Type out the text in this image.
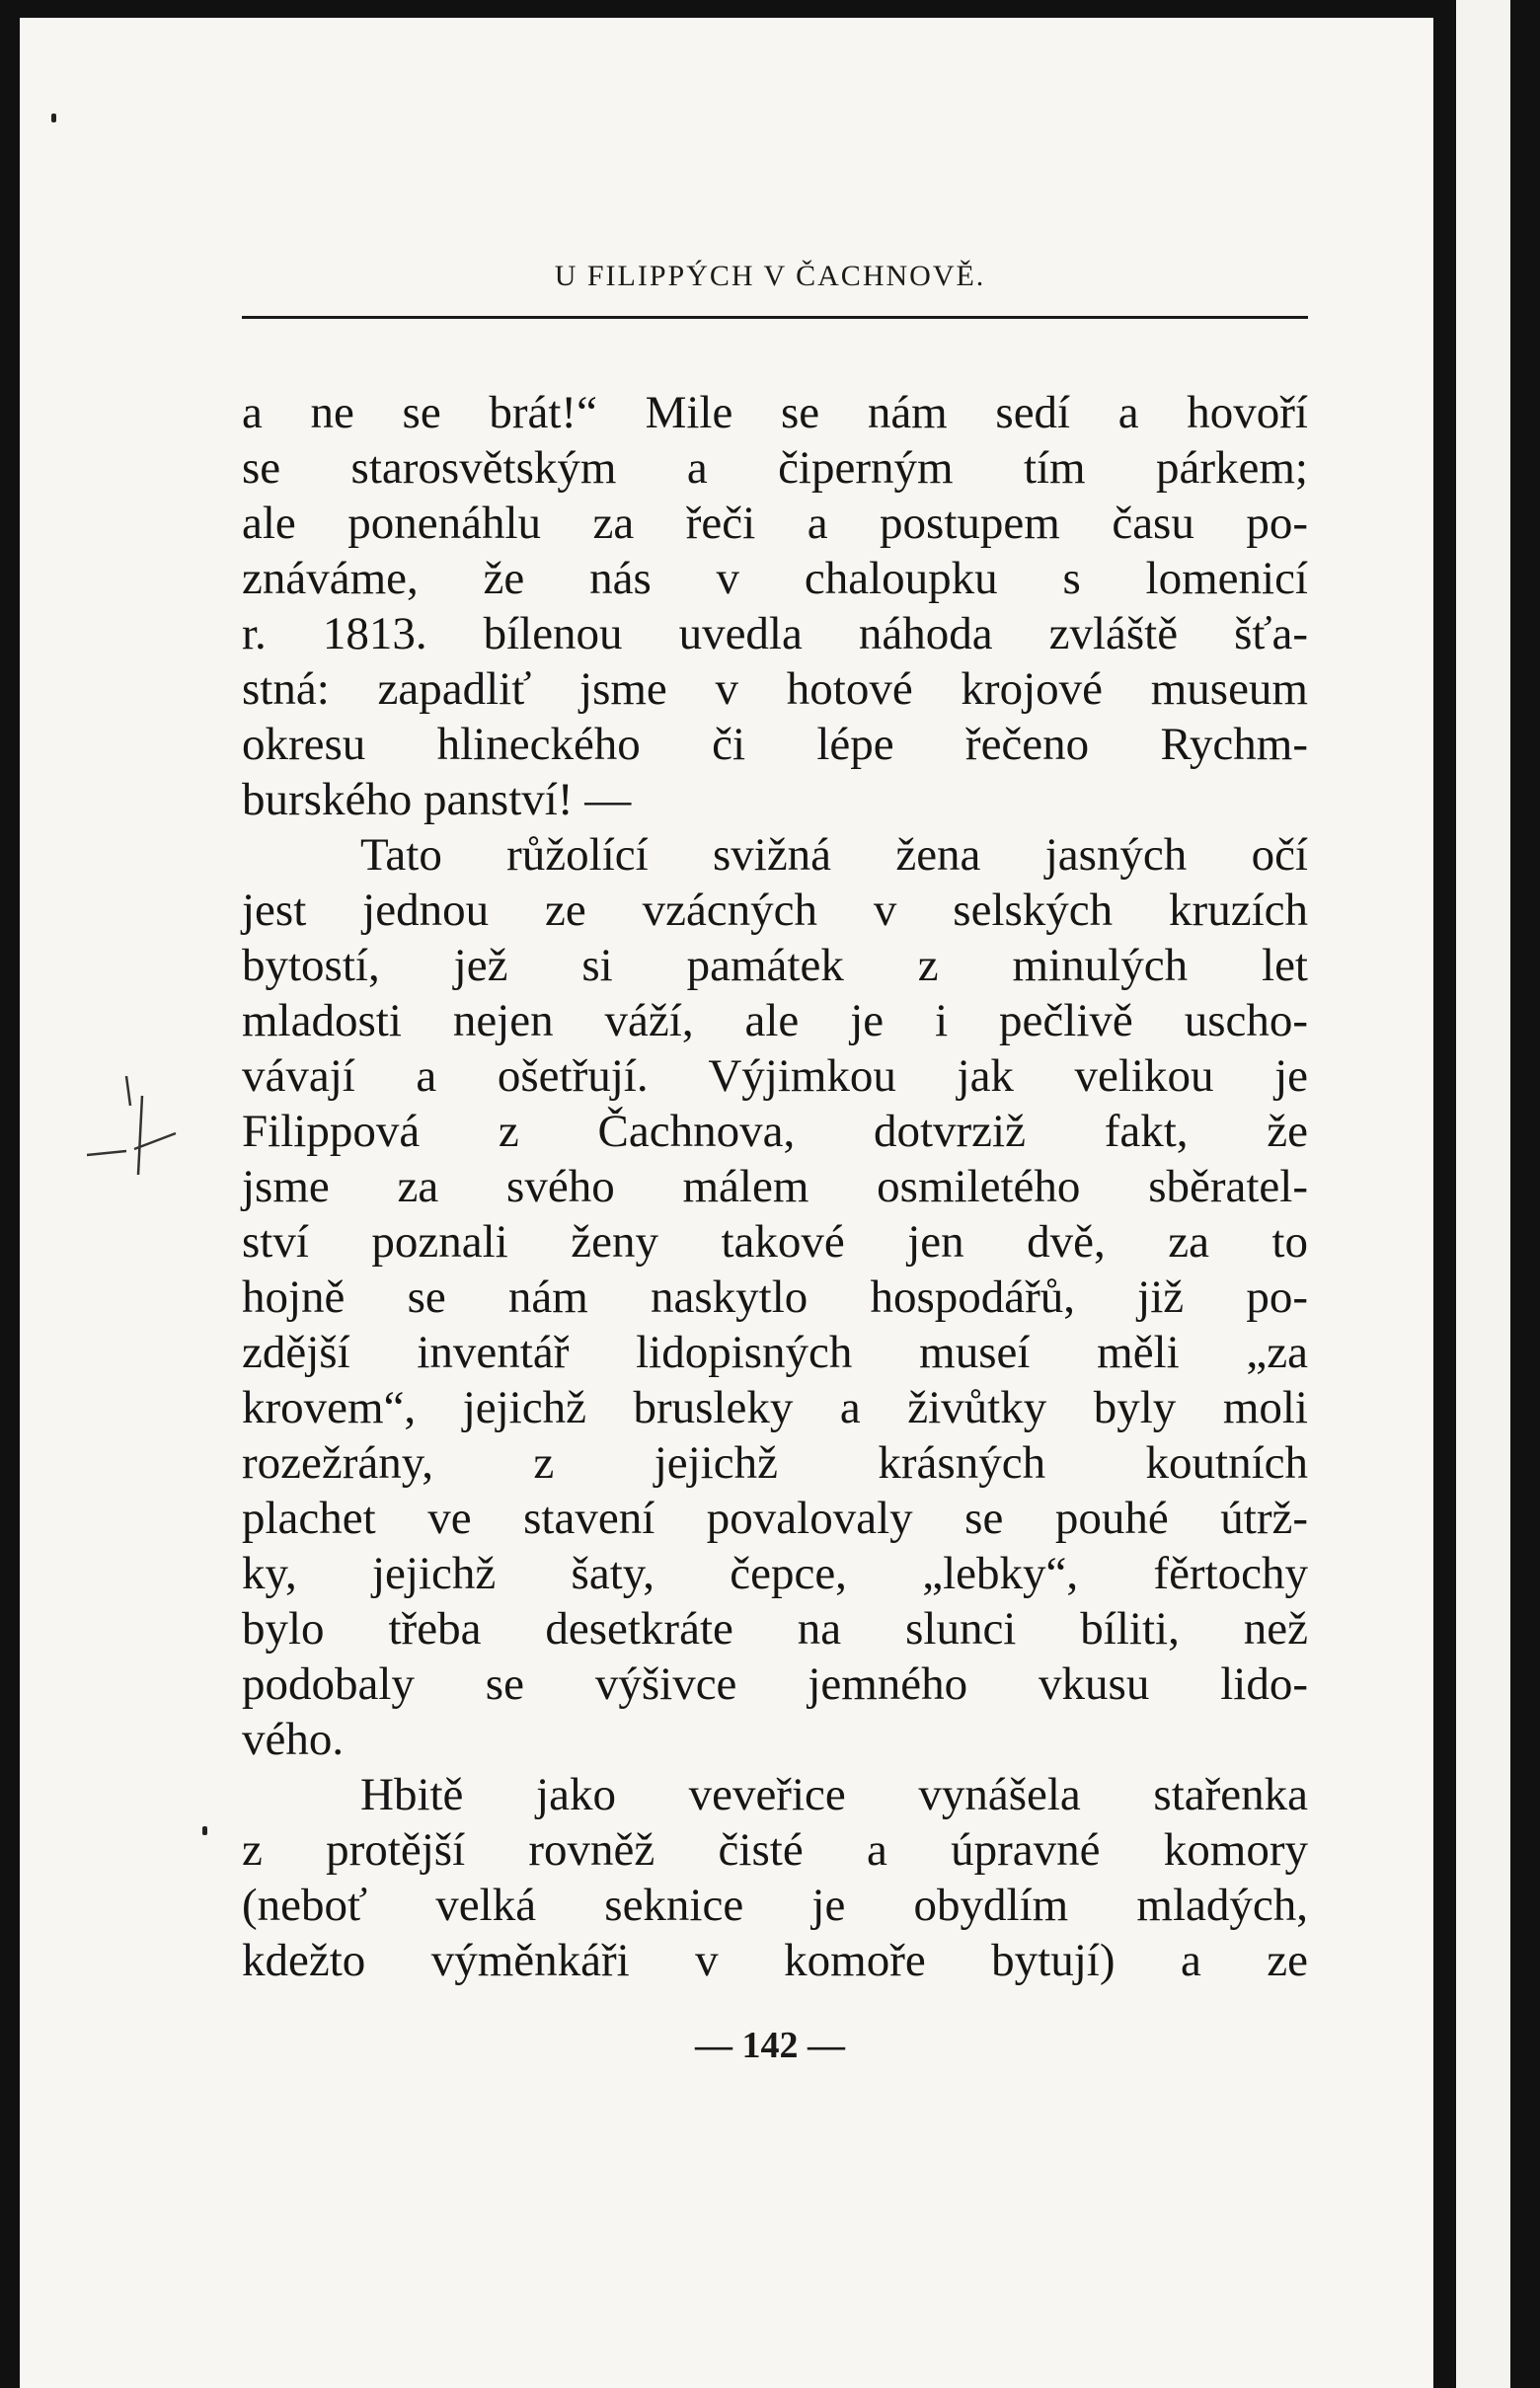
U FILIPPÝCH V ČACHNOVĚ.
a ne se brát!“ Mile se nám sedí a hovoří
se starosvětským a čiperným tím párkem;
ale ponenáhlu za řeči a postupem času po-
znáváme, že nás v chaloupku s lomenicí
r. 1813. bílenou uvedla náhoda zvláště šťa-
stná: zapadliť jsme v hotové krojové museum
okresu hlineckého či lépe řečeno Rychm-
burského panství! —
Tato růžolící svižná žena jasných očí
jest jednou ze vzácných v selských kruzích
bytostí, jež si památek z minulých let
mladosti nejen váží, ale je i pečlivě uscho-
vávají a ošetřují. Výjimkou jak velikou je
Filippová z Čachnova, dotvrziž fakt, že
jsme za svého málem osmiletého sběratel-
ství poznali ženy takové jen dvě, za to
hojně se nám naskytlo hospodářů, již po-
zdější inventář lidopisných museí měli „za
krovem“, jejichž brusleky a živůtky byly moli
rozežrány, z jejichž krásných koutních
plachet ve stavení povalovaly se pouhé útrž-
ky, jejichž šaty, čepce, „lebky“, fěrtochy
bylo třeba desetkráte na slunci bíliti, než
podobaly se výšivce jemného vkusu lido-
vého.
Hbitě jako veveřice vynášela stařenka
z protější rovněž čisté a úpravné komory
(neboť velká seknice je obydlím mladých,
kdežto výměnkáři v komoře bytují) a ze
— 142 —
